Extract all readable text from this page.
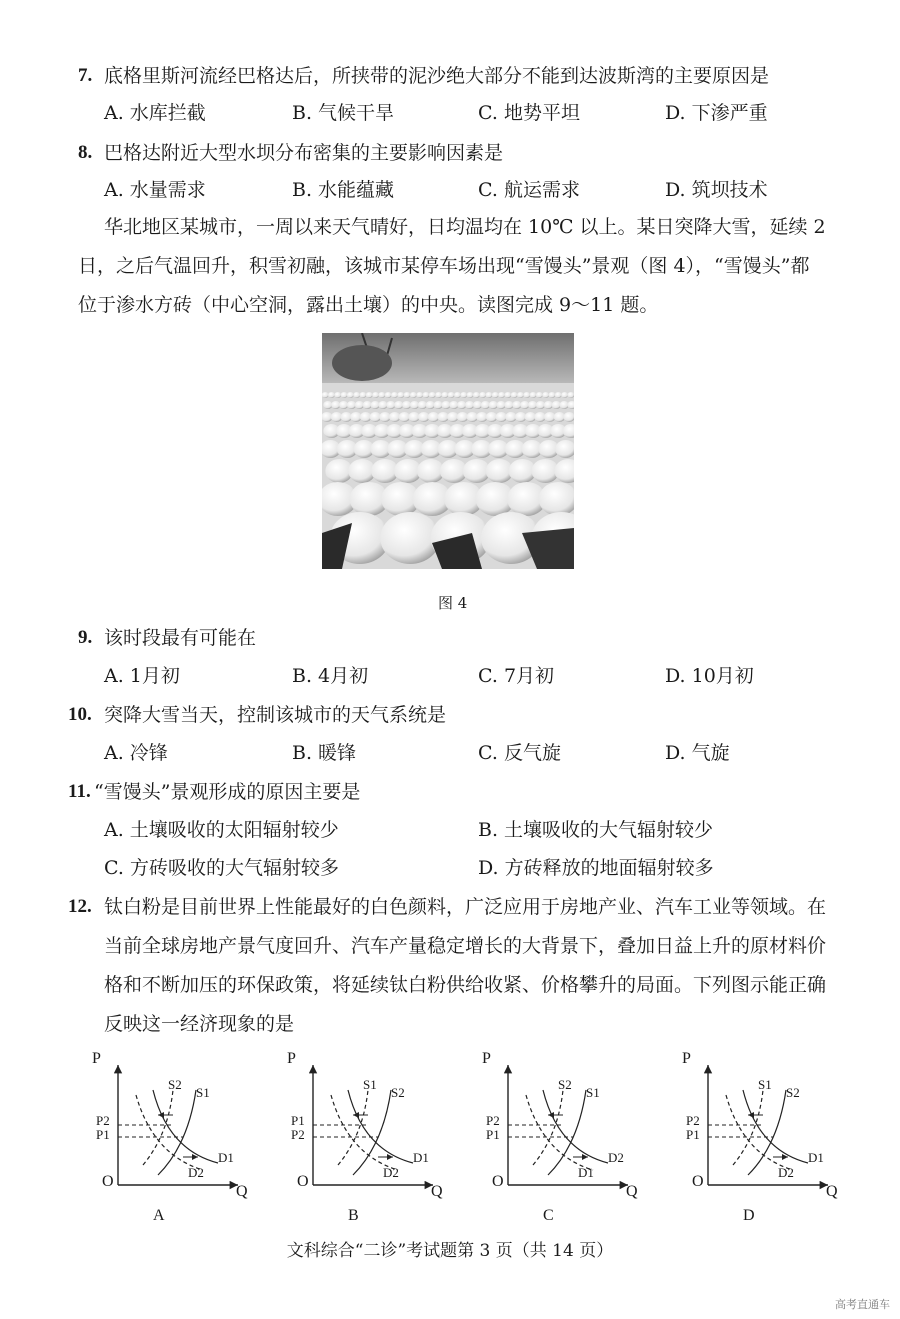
7. 底格里斯河流经巴格达后，所挟带的泥沙绝大部分不能到达波斯湾的主要原因是
A. 水库拦截	B. 气候干旱	C. 地势平坦	D. 下渗严重
8. 巴格达附近大型水坝分布密集的主要影响因素是
A. 水量需求	B. 水能蕴藏	C. 航运需求	D. 筑坝技术
华北地区某城市，一周以来天气晴好，日均温均在 10℃ 以上。某日突降大雪，延续 2
日，之后气温回升，积雪初融，该城市某停车场出现“雪馒头”景观（图 4），“雪馒头”都
位于渗水方砖（中心空洞，露出土壤）的中央。读图完成 9～11 题。
图 4
9. 该时段最有可能在
A. 1月初	B. 4月初	C. 7月初	D. 10月初
10. 突降大雪当天，控制该城市的天气系统是
A. 冷锋	B. 暖锋	C. 反气旋	D. 气旋
11. “雪馒头”景观形成的原因主要是
A. 土壤吸收的太阳辐射较少	B. 土壤吸收的大气辐射较少
C. 方砖吸收的大气辐射较多	D. 方砖释放的地面辐射较多
12. 钛白粉是目前世界上性能最好的白色颜料，广泛应用于房地产业、汽车工业等领域。在
当前全球房地产景气度回升、汽车产量稳定增长的大背景下，叠加日益上升的原材料价
格和不断加压的环保政策，将延续钛白粉供给收紧、价格攀升的局面。下列图示能正确
反映这一经济现象的是
P
Q
O
P2
P1
S2
S1
D2
D1
A
P
Q
O
P1
P2
S1
S2
D2
D1
B
P
Q
O
P2
P1
S2
S1
D1
D2
C
P
Q
O
P2
P1
S1
S2
D2
D1
D
文科综合“二诊”考试题第 3 页（共 14 页）
高考直通车
